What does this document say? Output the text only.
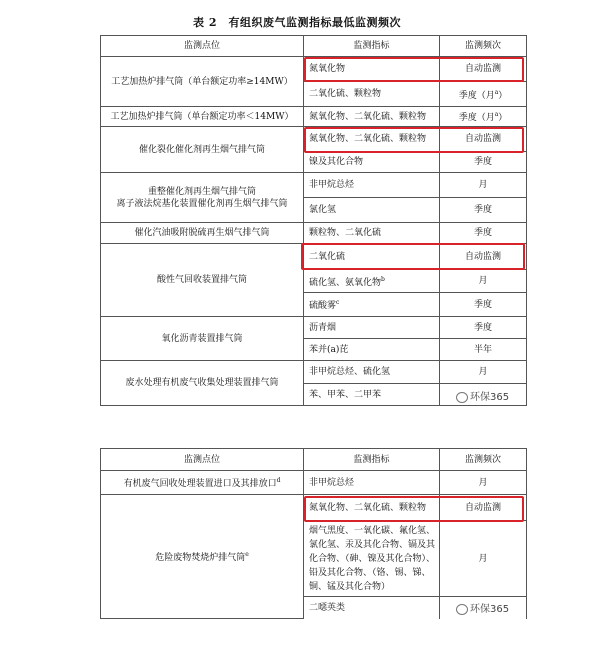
表 2　有组织废气监测指标最低监测频次
监测点位	监测指标	监测频次
工艺加热炉排气筒（单台额定功率≥14MW）	氮氧化物	自动监测
	二氧化硫、颗粒物	季度（月$^a$）
工艺加热炉排气筒（单台额定功率＜14MW）	氮氧化物、二氧化硫、颗粒物	季度（月$^a$）
催化裂化催化剂再生烟气排气筒	氮氧化物、二氧化硫、颗粒物	自动监测
	镍及其化合物	季度

重整催化剂再生烟气排气筒
离子液法烷基化装置催化剂再生烟气排气筒	非甲烷总烃	月
	氯化氢	季度
催化汽油吸附脱硫再生烟气排气筒	颗粒物、二氧化硫	季度
酸性气回收装置排气筒	二氧化硫	自动监测
	硫化氢、氨氧化物$^b$	月
	硫酸雾$^c$	季度
氧化沥青装置排气筒	沥青烟	季度
	苯并(a)芘	半年
废水处理有机废气收集处理装置排气筒	非甲烷总烃、硫化氢	月
	苯、甲苯、二甲苯	
监测点位	监测指标	监测频次
有机废气回收处理装置进口及其排放口$^d$	非甲烷总烃	月
危险废物焚烧炉排气筒$^e$	氮氧化物、二氧化硫、颗粒物	自动监测
	烟气黑度、一氧化碳、氟化氢、氯化氢、汞及其化合物、镉及其化合物、（砷、镍及其化合物）、铅及其化合物、（铬、锡、锑、铜、锰及其化合物）	月
	二噁英类	
环保365
环保365
